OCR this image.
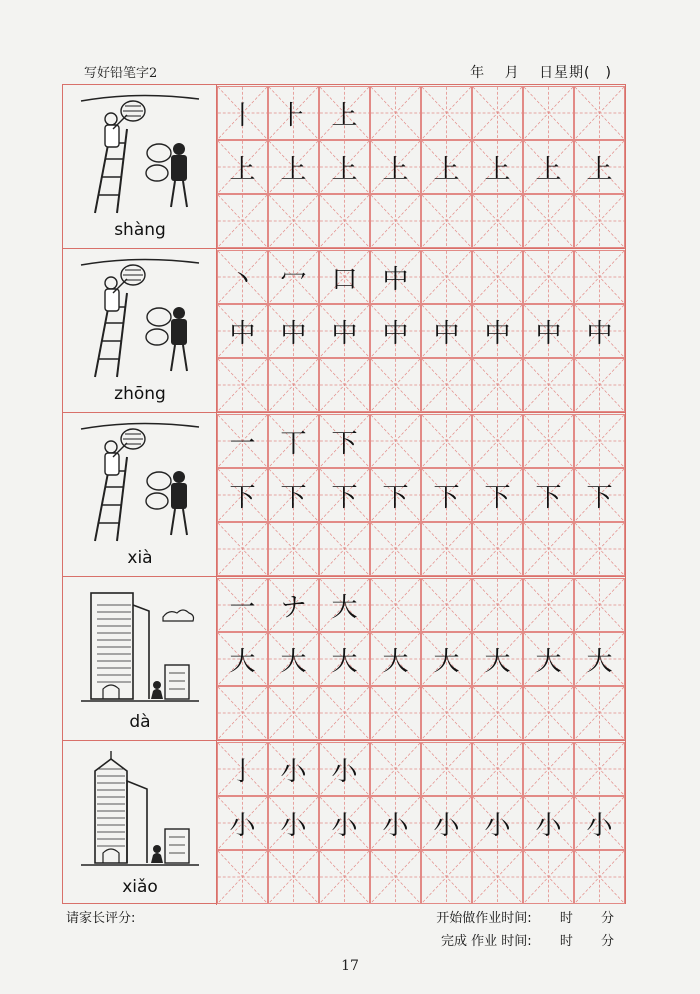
写好铅笔字2	年 月 日星期(　)
shàng
丨 ⺊ 上
上 上 上 上 上 上 上 上
zhōng
丶 冖 口 中
中 中 中 中 中 中 中 中
xià
一 丅 下
下 下 下 下 下 下 下 下
dà
一 ナ 大
大 大 大 大 大 大 大 大
xiǎo
亅 小 小
小 小 小 小 小 小 小 小
请家长评分:	开始做作业时间: 时 分
完成 作业 时间: 时 分
17
